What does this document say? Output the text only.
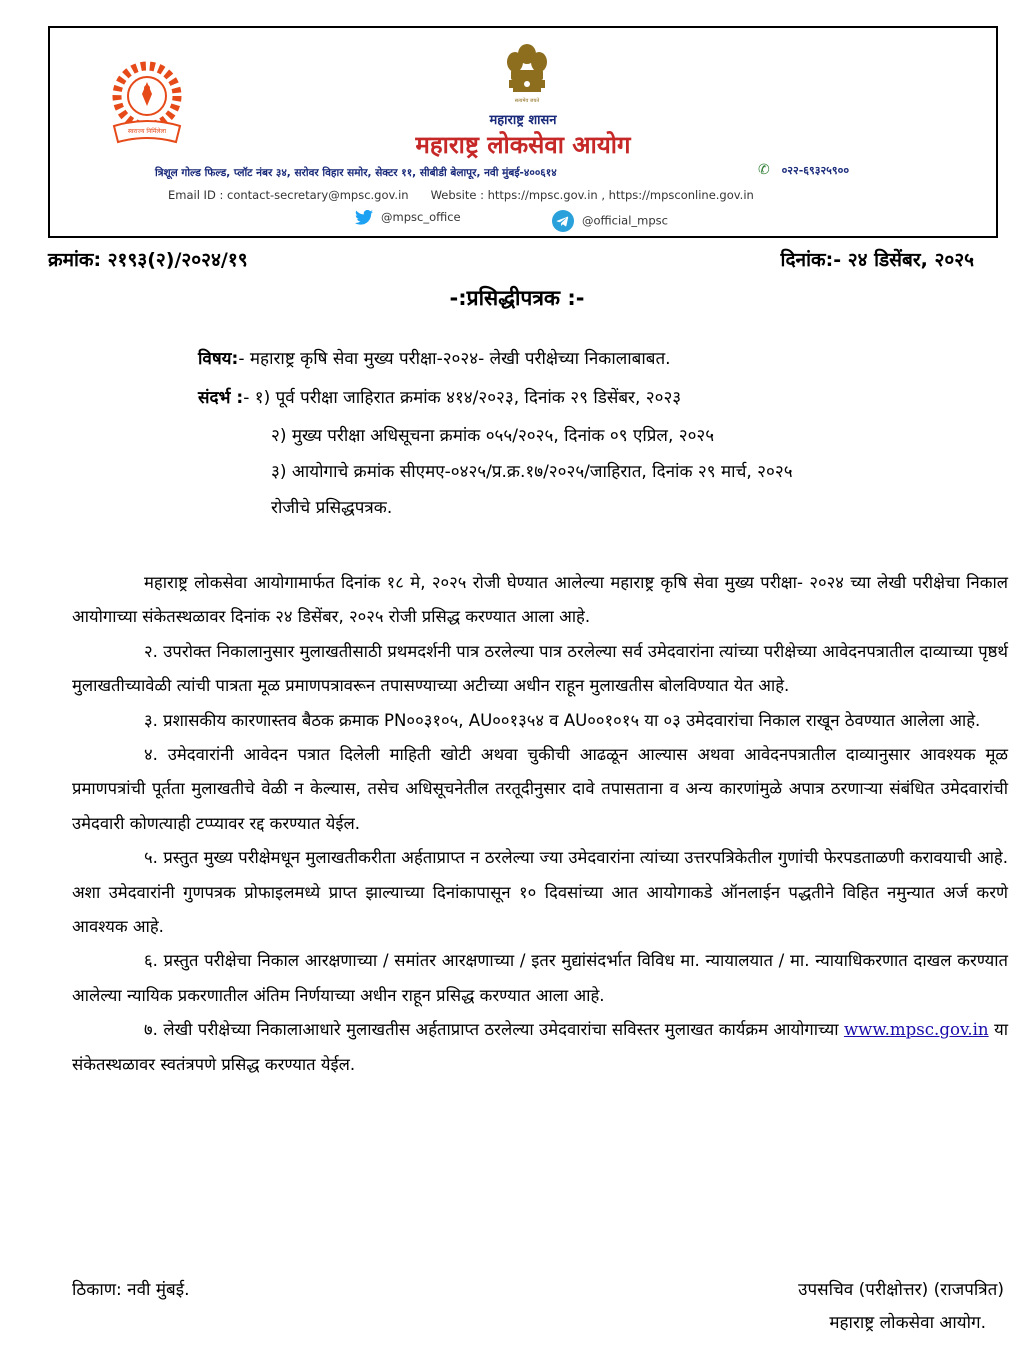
स्वराज्य निर्मिलेला
सत्यमेव जयते
महाराष्ट्र शासन
महाराष्ट्र लोकसेवा आयोग
त्रिशूल गोल्ड फिल्ड, प्लॉट नंबर ३४, सरोवर विहार समोर, सेक्टर ११, सीबीडी बेलापूर, नवी मुंबई-४००६१४	✆ ०२२-६९३२५९००
Email ID : contact-secretary@mpsc.gov.in Website : https://mpsc.gov.in , https://mpsconline.gov.in
@mpsc_office	@official_mpsc
क्रमांक: २१९३(२)/२०२४/१९	दिनांक:- २४ डिसेंबर, २०२५
-:प्रसिद्धीपत्रक :-
विषय:- महाराष्ट्र कृषि सेवा मुख्य परीक्षा-२०२४- लेखी परीक्षेच्या निकालाबाबत.
संदर्भ :- १) पूर्व परीक्षा जाहिरात क्रमांक ४१४/२०२३, दिनांक २९ डिसेंबर, २०२३
२) मुख्य परीक्षा अधिसूचना क्रमांक ०५५/२०२५, दिनांक ०९ एप्रिल, २०२५
३) आयोगाचे क्रमांक सीएमए-०४२५/प्र.क्र.१७/२०२५/जाहिरात, दिनांक २९ मार्च, २०२५
रोजीचे प्रसिद्धपत्रक.

महाराष्ट्र लोकसेवा आयोगामार्फत दिनांक १८ मे, २०२५ रोजी घेण्यात आलेल्या महाराष्ट्र कृषि सेवा मुख्य परीक्षा- २०२४ च्या लेखी परीक्षेचा निकाल आयोगाच्या संकेतस्थळावर दिनांक २४ डिसेंबर, २०२५ रोजी प्रसिद्ध करण्यात आला आहे.

२. उपरोक्त निकालानुसार मुलाखतीसाठी प्रथमदर्शनी पात्र ठरलेल्या पात्र ठरलेल्या सर्व उमेदवारांना त्यांच्या परीक्षेच्या आवेदनपत्रातील दाव्याच्या पृष्ठर्थ मुलाखतीच्यावेळी त्यांची पात्रता मूळ प्रमाणपत्रावरून तपासण्याच्या अटीच्या अधीन राहून मुलाखतीस बोलविण्यात येत आहे.

३. प्रशासकीय कारणास्तव बैठक क्रमाक PN००३१०५, AU००१३५४ व AU००१०१५ या ०३ उमेदवारांचा निकाल राखून ठेवण्यात आलेला आहे.

४. उमेदवारांनी आवेदन पत्रात दिलेली माहिती खोटी अथवा चुकीची आढळून आल्यास अथवा आवेदनपत्रातील दाव्यानुसार आवश्यक मूळ प्रमाणपत्रांची पूर्तता मुलाखतीचे वेळी न केल्यास, तसेच अधिसूचनेतील तरतूदीनुसार दावे तपासताना व अन्य कारणांमुळे अपात्र ठरणाऱ्या संबंधित उमेदवारांची उमेदवारी कोणत्याही टप्प्यावर रद्द करण्यात येईल.

५. प्रस्तुत मुख्य परीक्षेमधून मुलाखतीकरीता अर्हताप्राप्त न ठरलेल्या ज्या उमेदवारांना त्यांच्या उत्तरपत्रिकेतील गुणांची फेरपडताळणी करावयाची आहे. अशा उमेदवारांनी गुणपत्रक प्रोफाइलमध्ये प्राप्त झाल्याच्या दिनांकापासून १० दिवसांच्या आत आयोगाकडे ऑनलाईन पद्धतीने विहित नमुन्यात अर्ज करणे आवश्यक आहे.

६. प्रस्तुत परीक्षेचा निकाल आरक्षणाच्या / समांतर आरक्षणाच्या / इतर मुद्यांसंदर्भात विविध मा. न्यायालयात / मा. न्यायाधिकरणात दाखल करण्यात आलेल्या न्यायिक प्रकरणातील अंतिम निर्णयाच्या अधीन राहून प्रसिद्ध करण्यात आला आहे.

७. लेखी परीक्षेच्या निकालाआधारे मुलाखतीस अर्हताप्राप्त ठरलेल्या उमेदवारांचा सविस्तर मुलाखत कार्यक्रम आयोगाच्या www.mpsc.gov.in या संकेतस्थळावर स्वतंत्रपणे प्रसिद्ध करण्यात येईल.

ठिकाण: नवी मुंबई.	उपसचिव (परीक्षोत्तर) (राजपत्रित)
महाराष्ट्र लोकसेवा आयोग.
